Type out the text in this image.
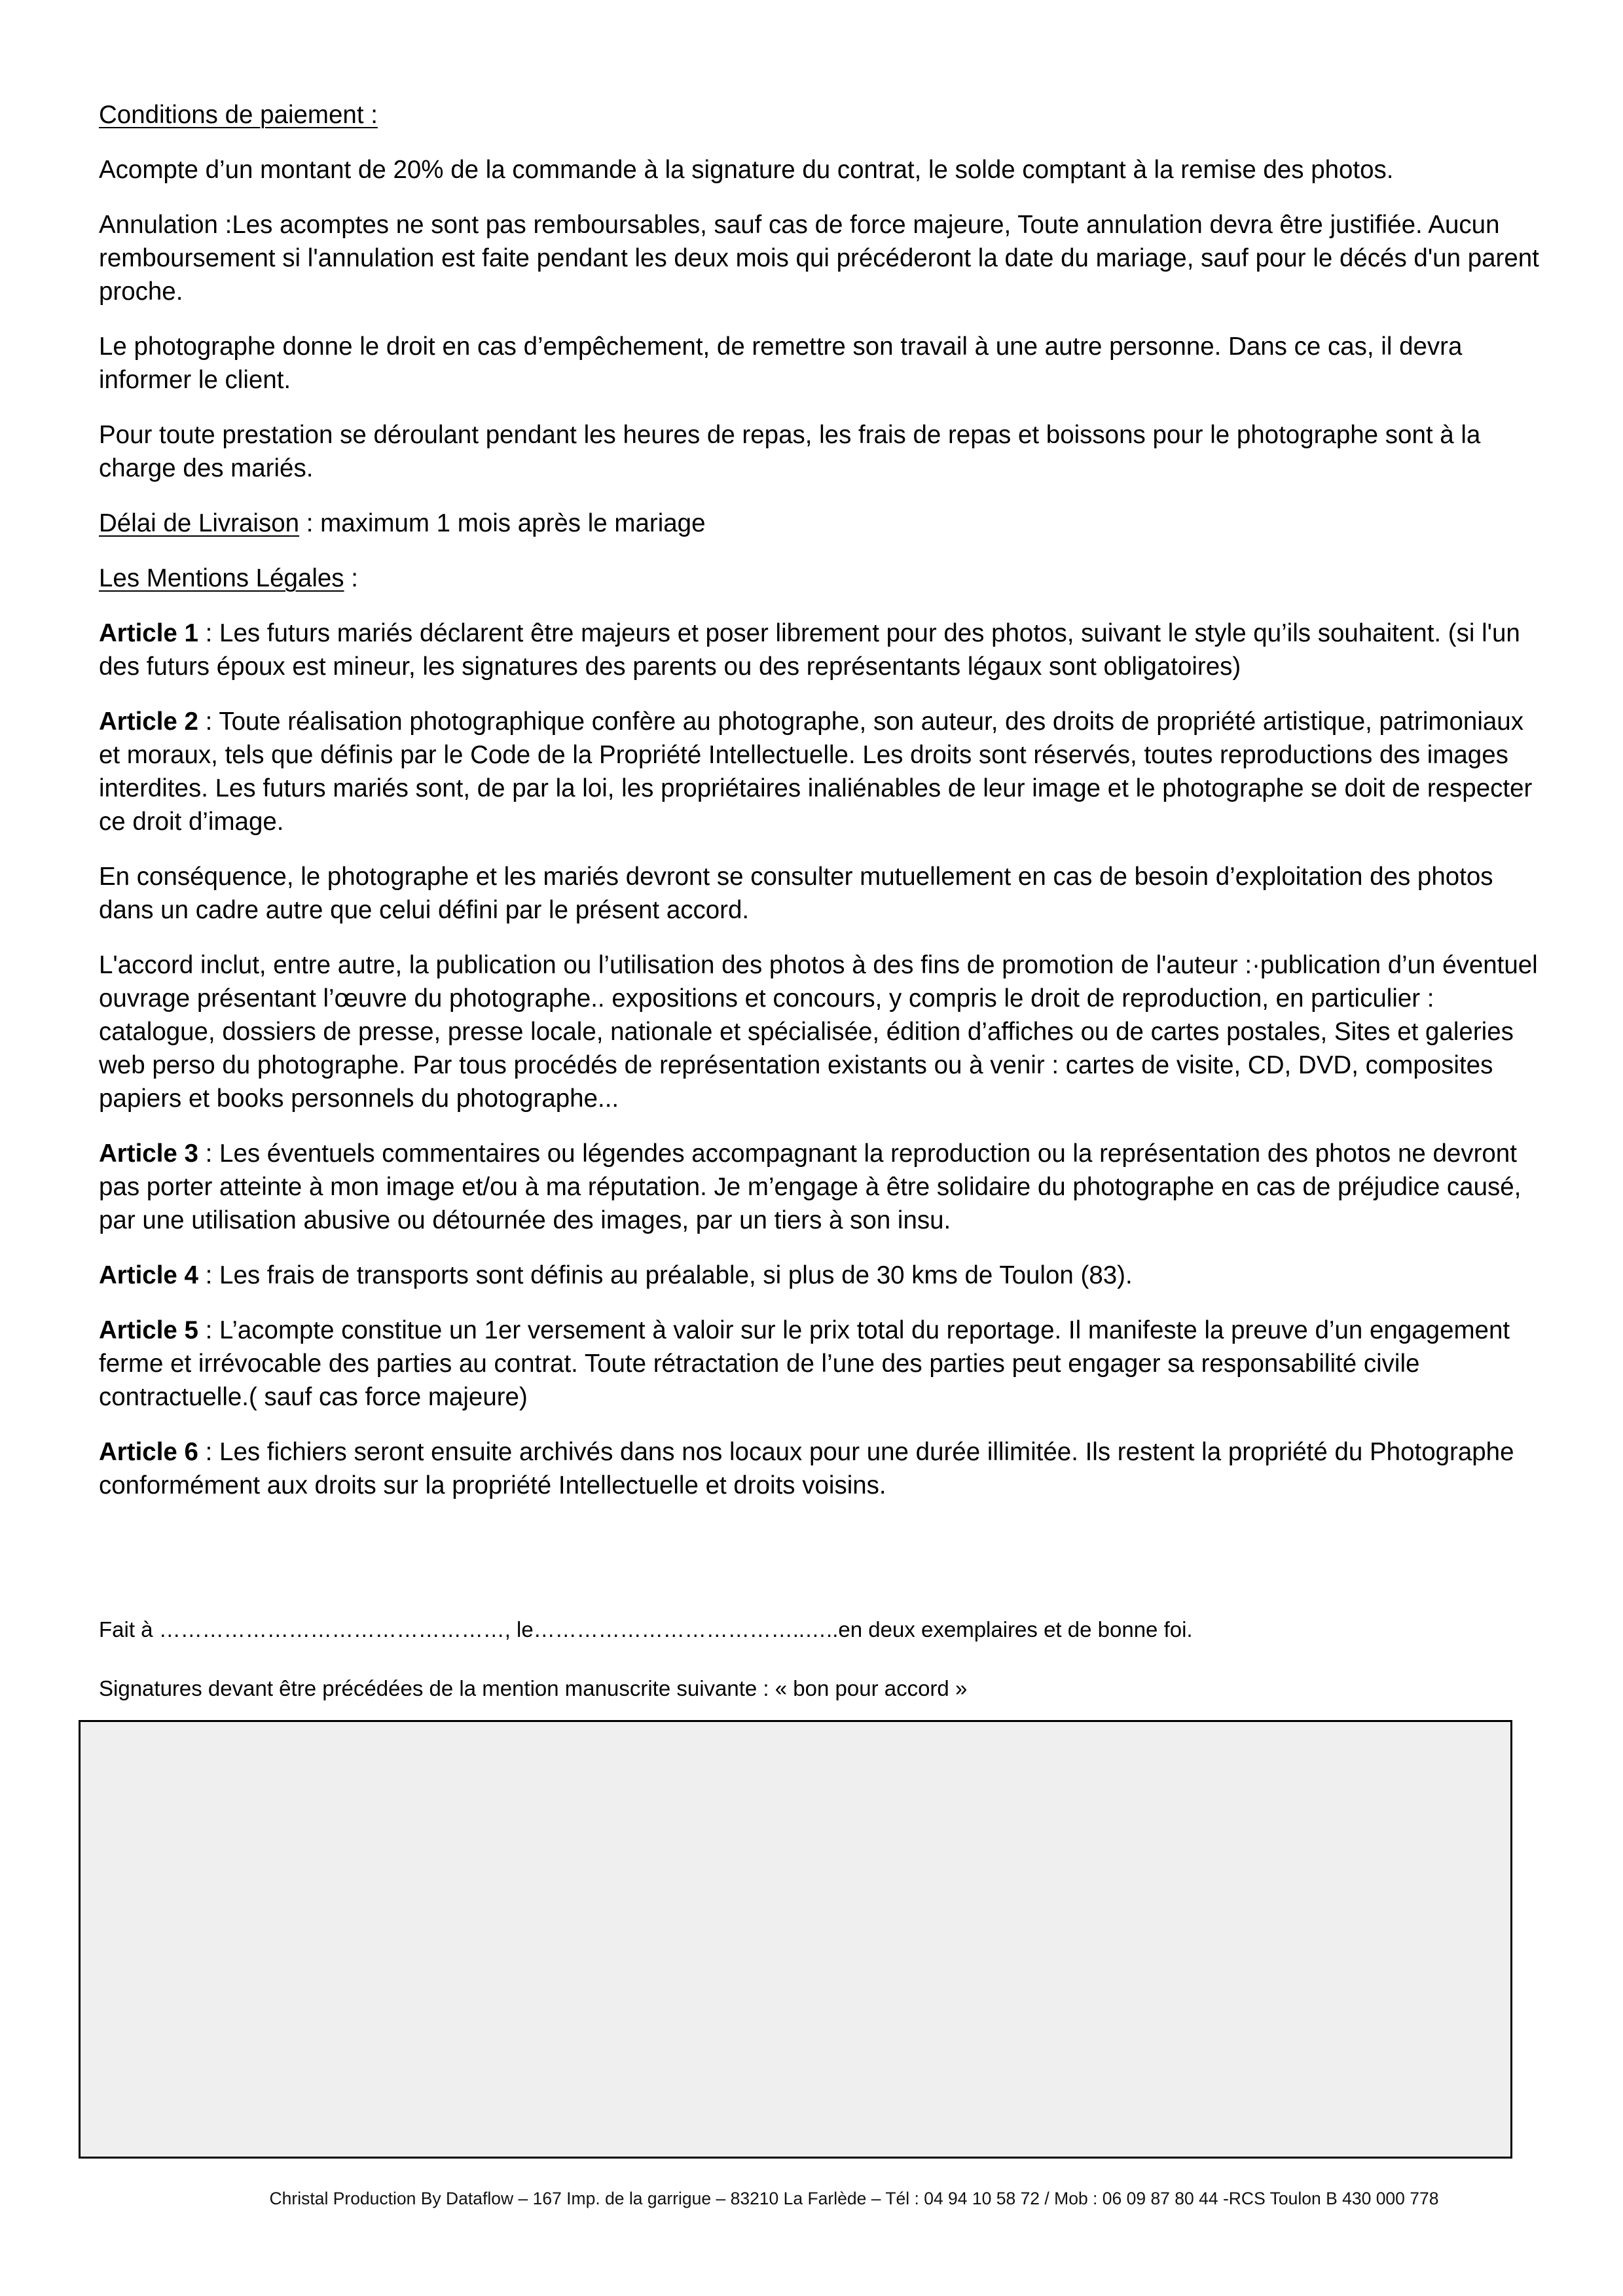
Conditions de paiement :

Acompte d’un montant de 20% de la commande à la signature du contrat, le solde comptant à la remise des photos.

Annulation :Les acomptes ne sont pas remboursables, sauf cas de force majeure, Toute annulation devra être justifiée. Aucun remboursement si l'annulation est faite pendant les deux mois qui précéderont la date du mariage, sauf pour le décés d'un parent proche.

Le photographe donne le droit en cas d’empêchement, de remettre son travail à une autre personne. Dans ce cas, il devra informer le client.

Pour toute prestation se déroulant pendant les heures de repas, les frais de repas et boissons pour le photographe sont à la charge des mariés.

Délai de Livraison : maximum 1 mois après le mariage

Les Mentions Légales :

Article 1 : Les futurs mariés déclarent être majeurs et poser librement pour des photos, suivant le style qu’ils souhaitent. (si l'un des futurs époux est mineur, les signatures des parents ou des représentants légaux sont obligatoires)

Article 2 : Toute réalisation photographique confère au photographe, son auteur, des droits de propriété artistique, patrimoniaux et moraux, tels que définis par le Code de la Propriété Intellectuelle. Les droits sont réservés, toutes reproductions des images interdites. Les futurs mariés sont, de par la loi, les propriétaires inaliénables de leur image et le photographe se doit de respecter ce droit d’image.

En conséquence, le photographe et les mariés devront se consulter mutuellement en cas de besoin d’exploitation des photos dans un cadre autre que celui défini par le présent accord.

L'accord inclut, entre autre, la publication ou l’utilisation des photos à des fins de promotion de l'auteur :·publication d’un éventuel ouvrage présentant l’œuvre du photographe.. expositions et concours, y compris le droit de reproduction, en particulier : catalogue, dossiers de presse, presse locale, nationale et spécialisée, édition d’affiches ou de cartes postales, Sites et galeries web perso du photographe. Par tous procédés de représentation existants ou à venir : cartes de visite, CD, DVD, composites papiers et books personnels du photographe...

Article 3 : Les éventuels commentaires ou légendes accompagnant la reproduction ou la représentation des photos ne devront pas porter atteinte à mon image et/ou à ma réputation. Je m’engage à être solidaire du photographe en cas de préjudice causé, par une utilisation abusive ou détournée des images, par un tiers à son insu.

Article 4 : Les frais de transports sont définis au préalable, si plus de 30 kms de Toulon (83).

Article 5 : L’acompte constitue un 1er versement à valoir sur le prix total du reportage. Il manifeste la preuve d’un engagement ferme et irrévocable des parties au contrat. Toute rétractation de l’une des parties peut engager sa responsabilité civile contractuelle.( sauf cas force majeure)

Article 6 : Les fichiers seront ensuite archivés dans nos locaux pour une durée illimitée. Ils restent la propriété du Photographe conformément aux droits sur la propriété Intellectuelle et droits voisins.

Fait à …………………………………………, le………………………………..…..en deux exemplaires et de bonne foi.
Signatures devant être précédées de la mention manuscrite suivante : « bon pour accord »
Christal Production By Dataflow – 167 Imp. de la garrigue – 83210 La Farlède – Tél : 04 94 10 58 72 / Mob : 06 09 87 80 44 -RCS Toulon B 430 000 778
